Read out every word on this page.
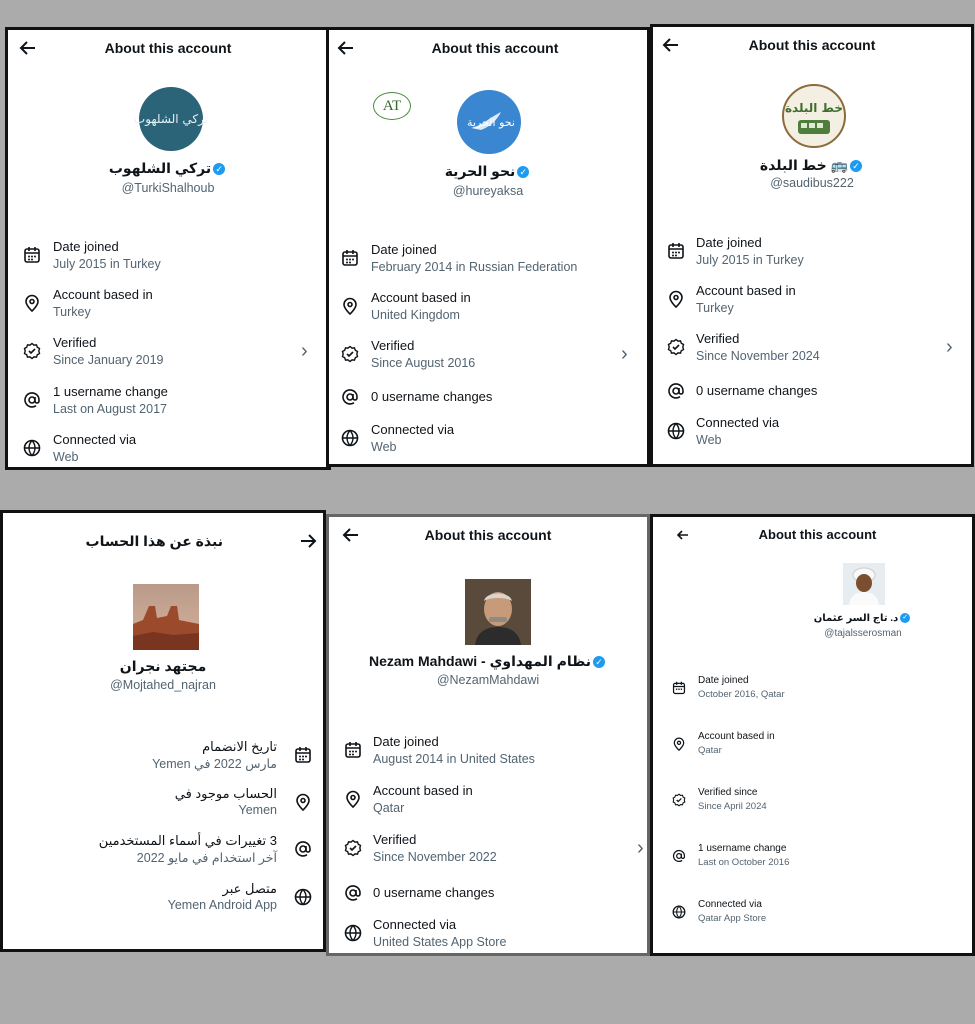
About this account
تركي الشلهوب
تركي الشلهوب ✓
@TurkiShalhoub
Date joined
July 2015 in Turkey
Account based in
Turkey
Verified
Since January 2019	›
1 username change
Last on August 2017
Connected via
Web
About this account
AT
نحو الحرية
نحو الحرية ✓
@hureyaksa
Date joined
February 2014 in Russian Federation
Account based in
United Kingdom
Verified
Since August 2016	›
0 username changes
Connected via
Web
About this account
خط البلدة
خط البلدة 🚌 ✓
@saudibus222
Date joined
July 2015 in Turkey
Account based in
Turkey
Verified
Since November 2024	›
0 username changes
Connected via
Web
نبذة عن هذا الحساب
مجتهد نجران
@Mojtahed_najran
تاريخ الانضمام
مارس 2022 في Yemen
الحساب موجود في
Yemen
3 تغييرات في أسماء المستخدمين
آخر استخدام في مايو 2022
متصل عبر
Yemen Android App
About this account
Nezam Mahdawi - نظام المهداوي ✓
@NezamMahdawi
Date joined
August 2014 in United States
Account based in
Qatar
Verified
Since November 2022	›
0 username changes
Connected via
United States App Store
About this account
د. تاج السر عثمان ✓
@tajalsserosman
Date joined
October 2016, Qatar
Account based in
Qatar
Verified since
Since April 2024
1 username change
Last on October 2016
Connected via
Qatar App Store
